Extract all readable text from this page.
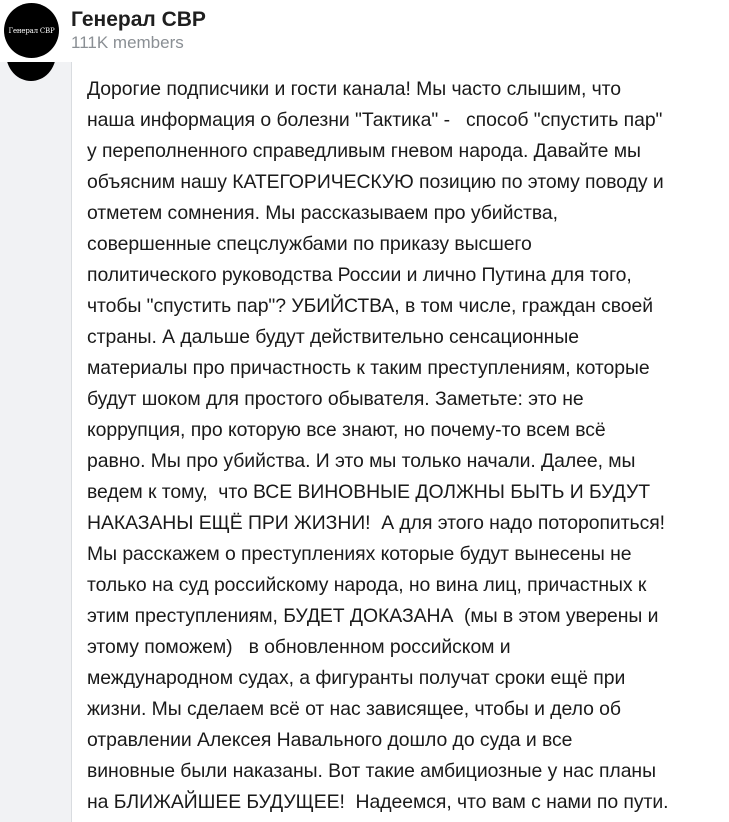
Генерал СВР Генерал СВР
111K members

Дорогие подписчики и гости канала! Мы часто слышим, что
наша информация о болезни "Тактика" -   способ "спустить пар"
у переполненного справедливым гневом народа. Давайте мы
объясним нашу КАТЕГОРИЧЕСКУЮ позицию по этому поводу и
отметем сомнения. Мы рассказываем про убийства,
совершенные спецслужбами по приказу высшего
политического руководства России и лично Путина для того,
чтобы "спустить пар"? УБИЙСТВА, в том числе, граждан своей
страны. А дальше будут действительно сенсационные
материалы про причастность к таким преступлениям, которые
будут шоком для простого обывателя. Заметьте: это не
коррупция, про которую все знают, но почему-то всем всё
равно. Мы про убийства. И это мы только начали. Далее, мы
ведем к тому,  что ВСЕ ВИНОВНЫЕ ДОЛЖНЫ БЫТЬ И БУДУТ
НАКАЗАНЫ ЕЩЁ ПРИ ЖИЗНИ!  А для этого надо поторопиться!
Мы расскажем о преступлениях которые будут вынесены не
только на суд российскому народа, но вина лиц, причастных к
этим преступлениям, БУДЕТ ДОКАЗАНА  (мы в этом уверены и
этому поможем)   в обновленном российском и
международном судах, а фигуранты получат сроки ещё при
жизни. Мы сделаем всё от нас зависящее, чтобы и дело об
отравлении Алексея Навального дошло до суда и все
виновные были наказаны. Вот такие амбициозные у нас планы
на БЛИЖАЙШЕЕ БУДУЩЕЕ!  Надеемся, что вам с нами по пути.
